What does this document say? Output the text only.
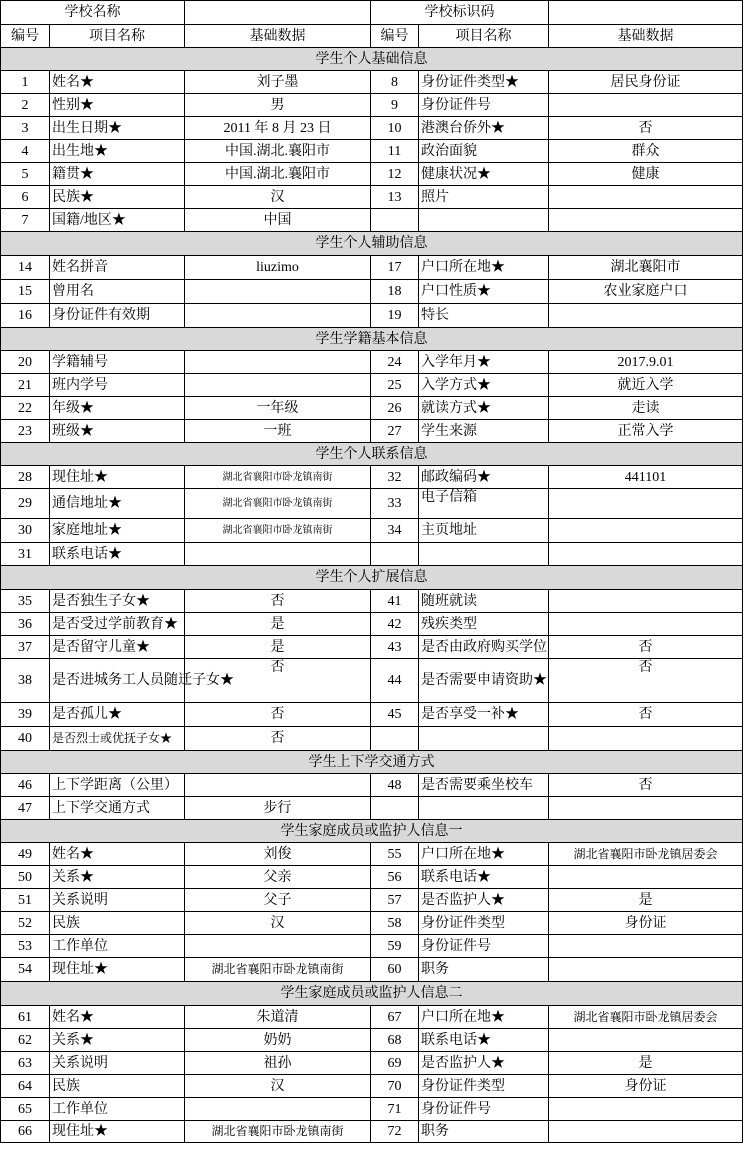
学校名称			学校标识码		
编号	项目名称	基础数据	编号	项目名称	基础数据
学生个人基础信息					
1	姓名★	刘子墨	8	身份证件类型★	居民身份证
2	性别★	男	9	身份证件号	
3	出生日期★	2011 年 8 月 23 日	10	港澳台侨外★	否
4	出生地★	中国.湖北.襄阳市	11	政治面貌	群众
5	籍贯★	中国.湖北.襄阳市	12	健康状况★	健康
6	民族★	汉	13	照片	
7	国籍/地区★	中国			
学生个人辅助信息					
14	姓名拼音	liuzimo	17	户口所在地★	湖北襄阳市
15	曾用名		18	户口性质★	农业家庭户口
16	身份证件有效期		19	特长	
学生学籍基本信息					
20	学籍辅号		24	入学年月★	2017.9.01
21	班内学号		25	入学方式★	就近入学
22	年级★	一年级	26	就读方式★	走读
23	班级★	一班	27	学生来源	正常入学
学生个人联系信息					
28	现住址★	湖北省襄阳市卧龙镇南街	32	邮政编码★	441101
29	通信地址★	湖北省襄阳市卧龙镇南街	33	电子信箱	
30	家庭地址★	湖北省襄阳市卧龙镇南街	34	主页地址	
31	联系电话★				
学生个人扩展信息					
35	是否独生子女★	否	41	随班就读	
36	是否受过学前教育★	是	42	残疾类型	
37	是否留守儿童★	是	43	是否由政府购买学位	否
38	是否进城务工人员随迁子女★	否	44	是否需要申请资助★	否
39	是否孤儿★	否	45	是否享受一补★	否
40	是否烈士或优抚子女★	否			
学生上下学交通方式					
46	上下学距离（公里）		48	是否需要乘坐校车	否
47	上下学交通方式	步行			
学生家庭成员或监护人信息一					
49	姓名★	刘俊	55	户口所在地★	湖北省襄阳市卧龙镇居委会
50	关系★	父亲	56	联系电话★	
51	关系说明	父子	57	是否监护人★	是
52	民族	汉	58	身份证件类型	身份证
53	工作单位		59	身份证件号	
54	现住址★	湖北省襄阳市卧龙镇南街	60	职务	
学生家庭成员或监护人信息二					
61	姓名★	朱道清	67	户口所在地★	湖北省襄阳市卧龙镇居委会
62	关系★	奶奶	68	联系电话★	
63	关系说明	祖孙	69	是否监护人★	是
64	民族	汉	70	身份证件类型	身份证
65	工作单位		71	身份证件号	
66	现住址★	湖北省襄阳市卧龙镇南街	72	职务	
